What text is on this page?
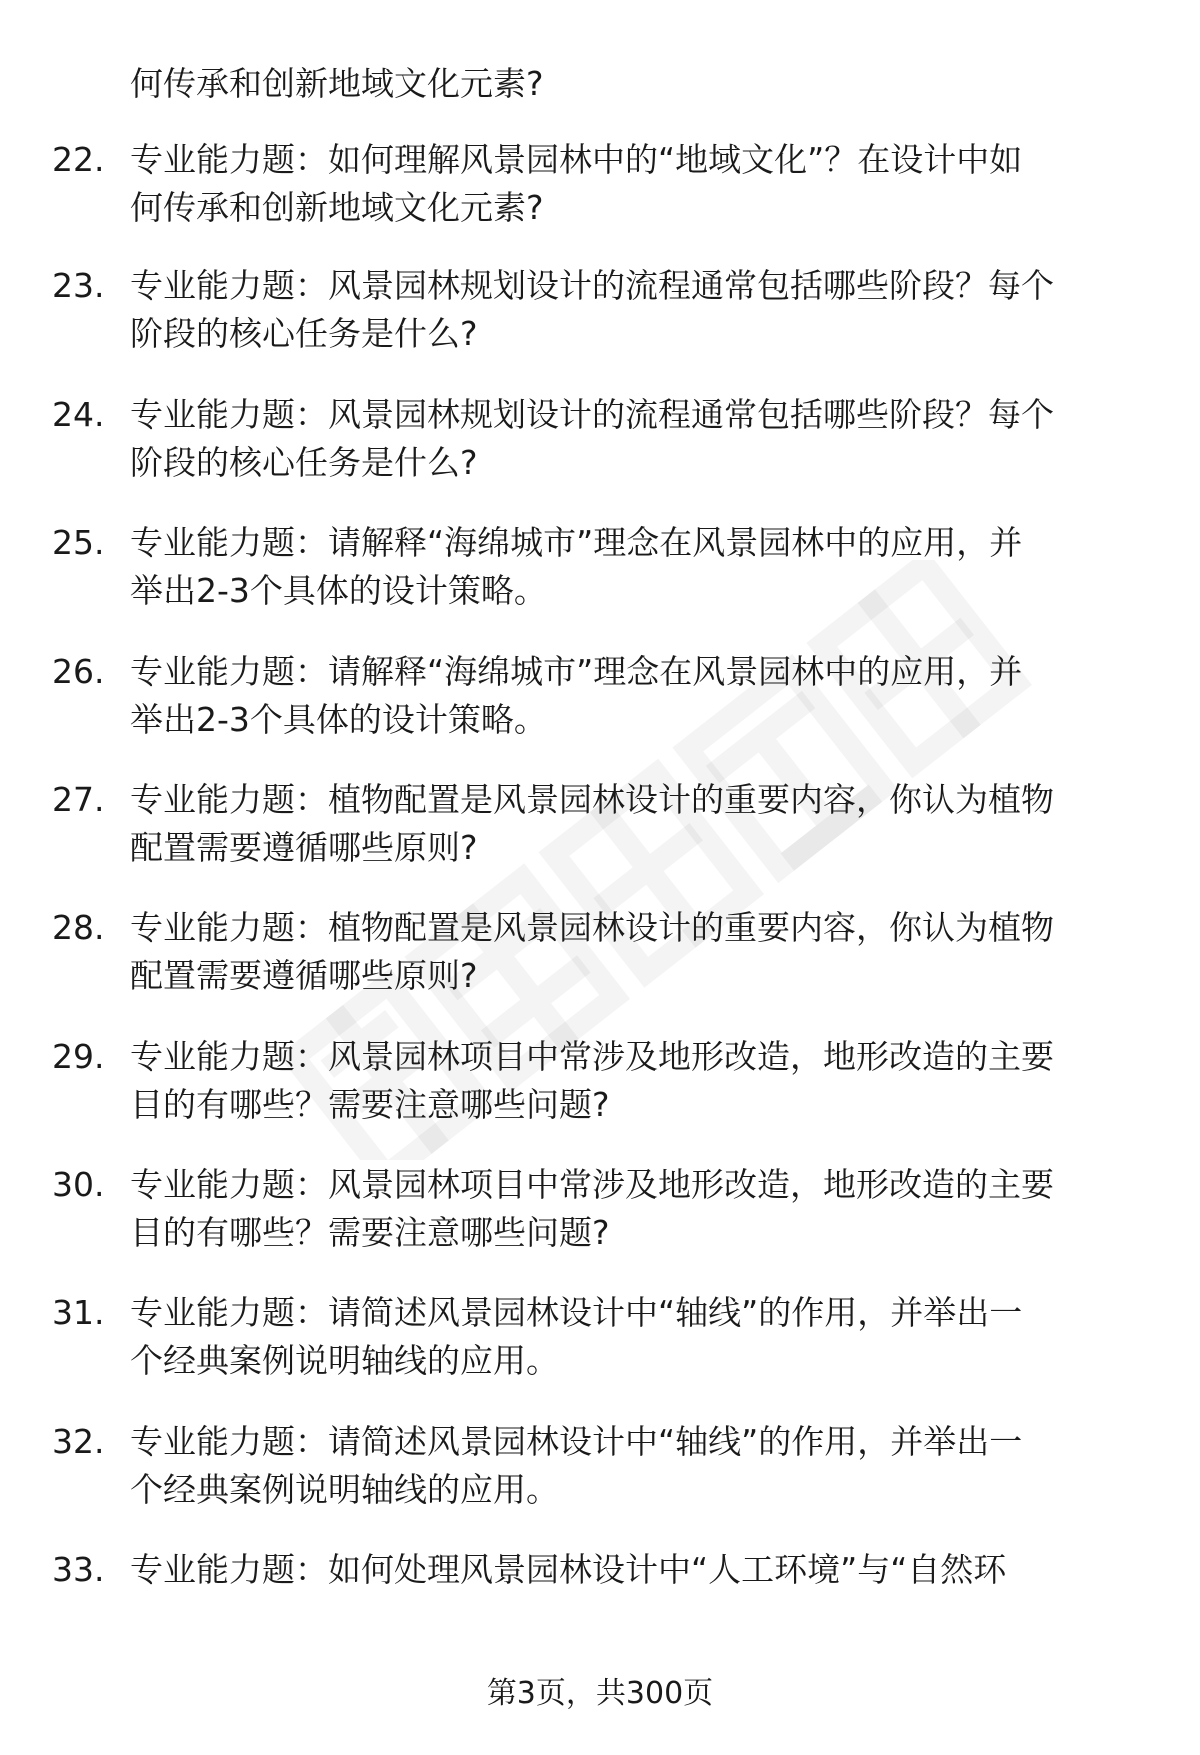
何传承和创新地域文化元素?
22. 专业能力题：如何理解风景园林中的“地域文化”？在设计中如
何传承和创新地域文化元素?
23. 专业能力题：风景园林规划设计的流程通常包括哪些阶段？每个
阶段的核心任务是什么?
24. 专业能力题：风景园林规划设计的流程通常包括哪些阶段？每个
阶段的核心任务是什么?
25. 专业能力题：请解释“海绵城市”理念在风景园林中的应用，并
举出2-3个具体的设计策略。
26. 专业能力题：请解释“海绵城市”理念在风景园林中的应用，并
举出2-3个具体的设计策略。
27. 专业能力题：植物配置是风景园林设计的重要内容，你认为植物
配置需要遵循哪些原则?
28. 专业能力题：植物配置是风景园林设计的重要内容，你认为植物
配置需要遵循哪些原则?
29. 专业能力题：风景园林项目中常涉及地形改造，地形改造的主要
目的有哪些？需要注意哪些问题?
30. 专业能力题：风景园林项目中常涉及地形改造，地形改造的主要
目的有哪些？需要注意哪些问题?
31. 专业能力题：请简述风景园林设计中“轴线”的作用，并举出一
个经典案例说明轴线的应用。
32. 专业能力题：请简述风景园林设计中“轴线”的作用，并举出一
个经典案例说明轴线的应用。
33. 专业能力题：如何处理风景园林设计中“人工环境”与“自然环
第3页，共300页
